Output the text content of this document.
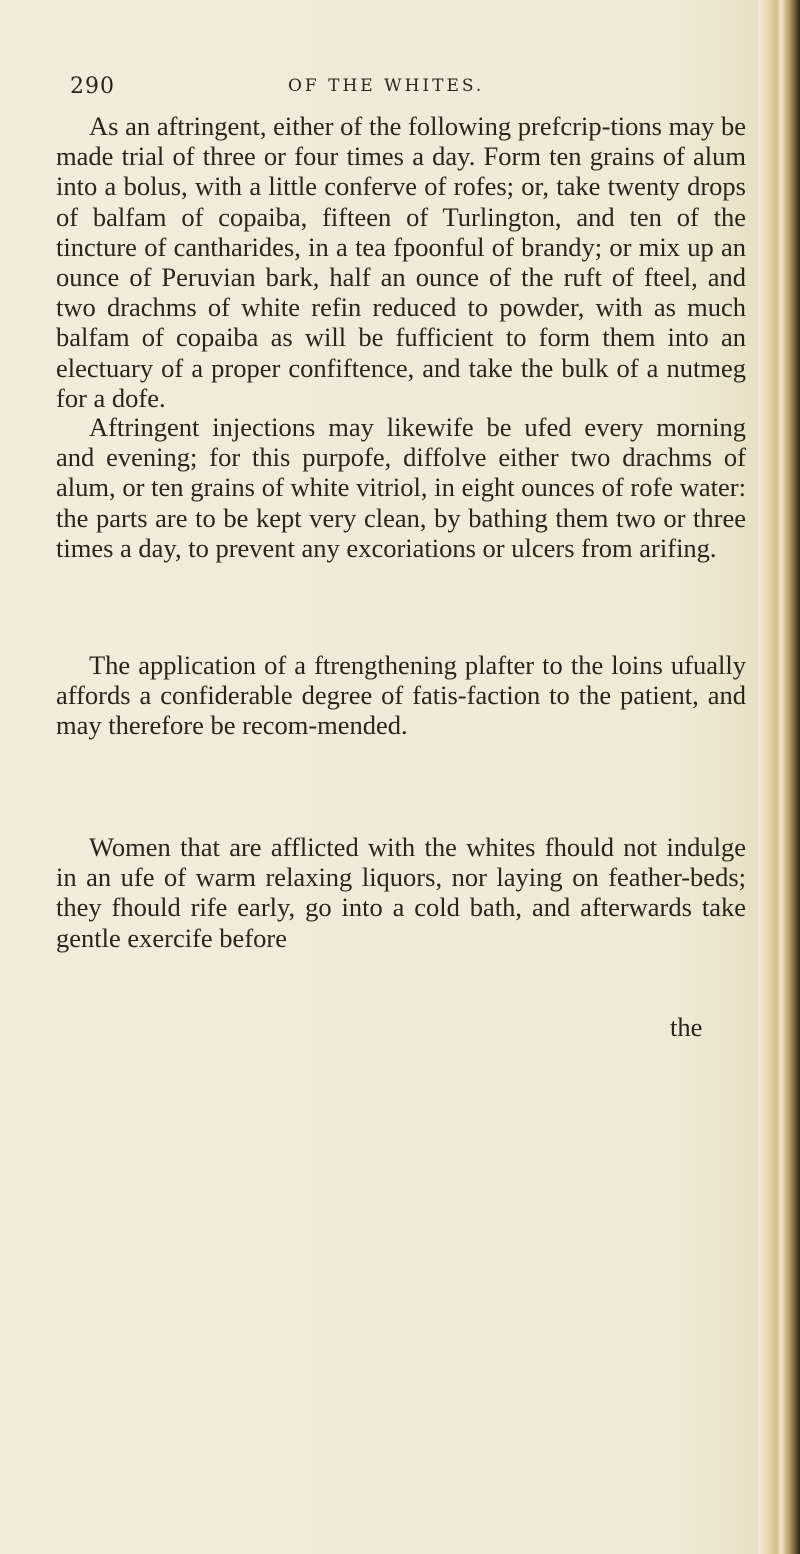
290	OF THE WHITES.

As an aftringent, either of the following prefcrip-tions may be made trial of three or four times a day. Form ten grains of alum into a bolus, with a little conferve of rofes; or, take twenty drops of balfam of copaiba, fifteen of Turlington, and ten of the tincture of cantharides, in a tea fpoonful of brandy; or mix up an ounce of Peruvian bark, half an ounce of the ruft of fteel, and two drachms of white refin reduced to powder, with as much balfam of copaiba as will be fufficient to form them into an electuary of a proper confiftence, and take the bulk of a nutmeg for a dofe.

Aftringent injections may likewife be ufed every morning and evening; for this purpofe, diffolve either two drachms of alum, or ten grains of white vitriol, in eight ounces of rofe water: the parts are to be kept very clean, by bathing them two or three times a day, to prevent any excoriations or ulcers from arifing.

The application of a ftrengthening plafter to the loins ufually affords a confiderable degree of fatis-faction to the patient, and may therefore be recom-mended.

Women that are afflicted with the whites fhould not indulge in an ufe of warm relaxing liquors, nor laying on feather-beds; they fhould rife early, go into a cold bath, and afterwards take gentle exercife before

the
